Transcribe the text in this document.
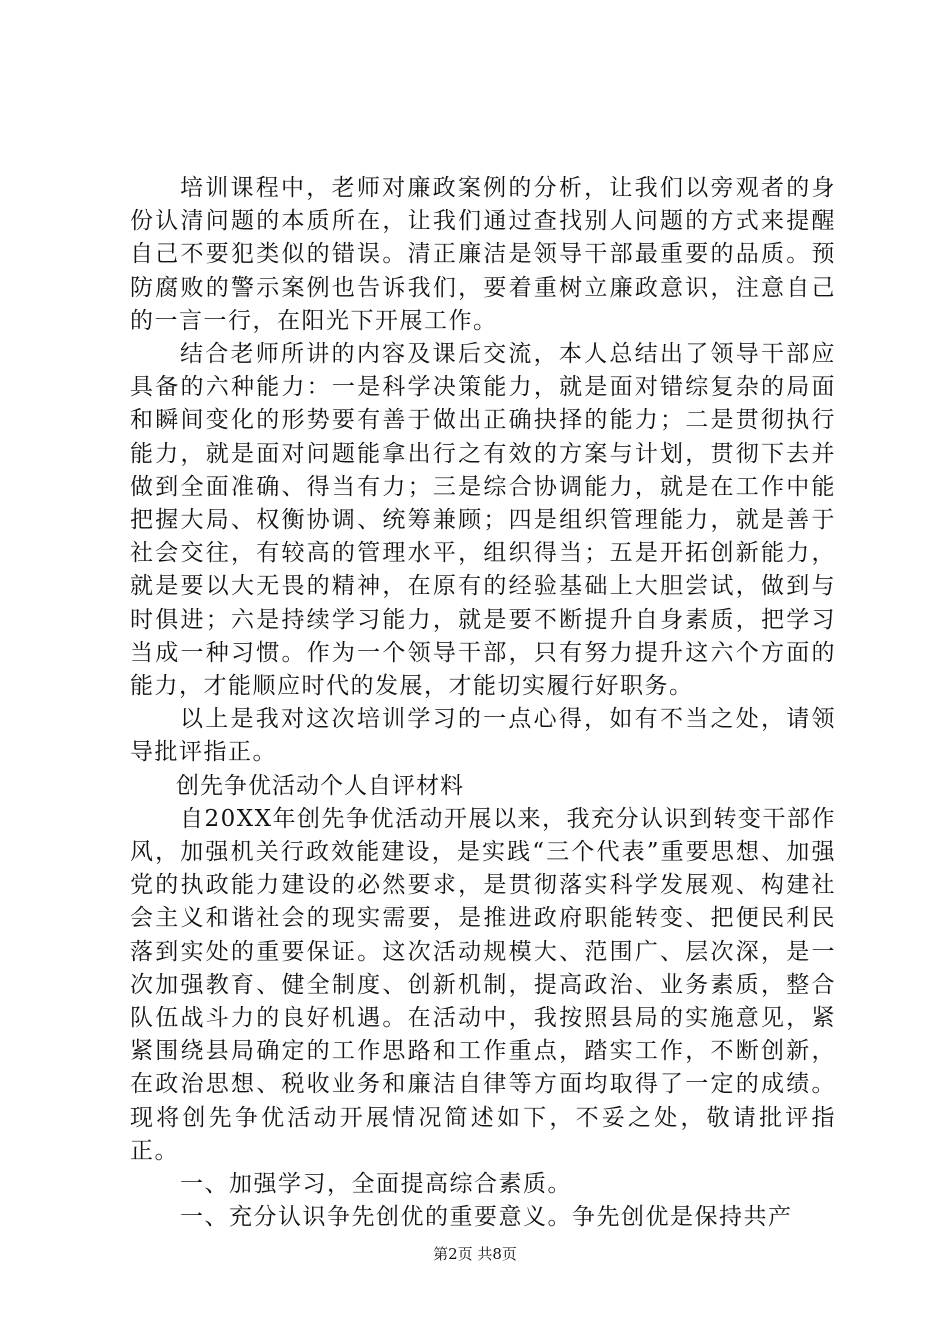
培训课程中，老师对廉政案例的分析，让我们以旁观者的身份认清问题的本质所在，让我们通过查找别人问题的方式来提醒自己不要犯类似的错误。清正廉洁是领导干部最重要的品质。预防腐败的警示案例也告诉我们，要着重树立廉政意识，注意自己的一言一行，在阳光下开展工作。

结合老师所讲的内容及课后交流，本人总结出了领导干部应具备的六种能力：一是科学决策能力，就是面对错综复杂的局面和瞬间变化的形势要有善于做出正确抉择的能力；二是贯彻执行能力，就是面对问题能拿出行之有效的方案与计划，贯彻下去并做到全面准确、得当有力；三是综合协调能力，就是在工作中能把握大局、权衡协调、统筹兼顾；四是组织管理能力，就是善于社会交往，有较高的管理水平，组织得当；五是开拓创新能力，就是要以大无畏的精神，在原有的经验基础上大胆尝试，做到与时俱进；六是持续学习能力，就是要不断提升自身素质，把学习当成一种习惯。作为一个领导干部，只有努力提升这六个方面的能力，才能顺应时代的发展，才能切实履行好职务。

以上是我对这次培训学习的一点心得，如有不当之处，请领导批评指正。

创先争优活动个人自评材料

自20XX年创先争优活动开展以来，我充分认识到转变干部作风，加强机关行政效能建设，是实践“三个代表”重要思想、加强党的执政能力建设的必然要求，是贯彻落实科学发展观、构建社会主义和谐社会的现实需要，是推进政府职能转变、把便民利民落到实处的重要保证。这次活动规模大、范围广、层次深，是一次加强教育、健全制度、创新机制，提高政治、业务素质，整合队伍战斗力的良好机遇。在活动中，我按照县局的实施意见，紧紧围绕县局确定的工作思路和工作重点，踏实工作，不断创新，在政治思想、税收业务和廉洁自律等方面均取得了一定的成绩。现将创先争优活动开展情况简述如下，不妥之处，敬请批评指正。

一、加强学习，全面提高综合素质。

一、充分认识争先创优的重要意义。争先创优是保持共产

第2页 共8页
